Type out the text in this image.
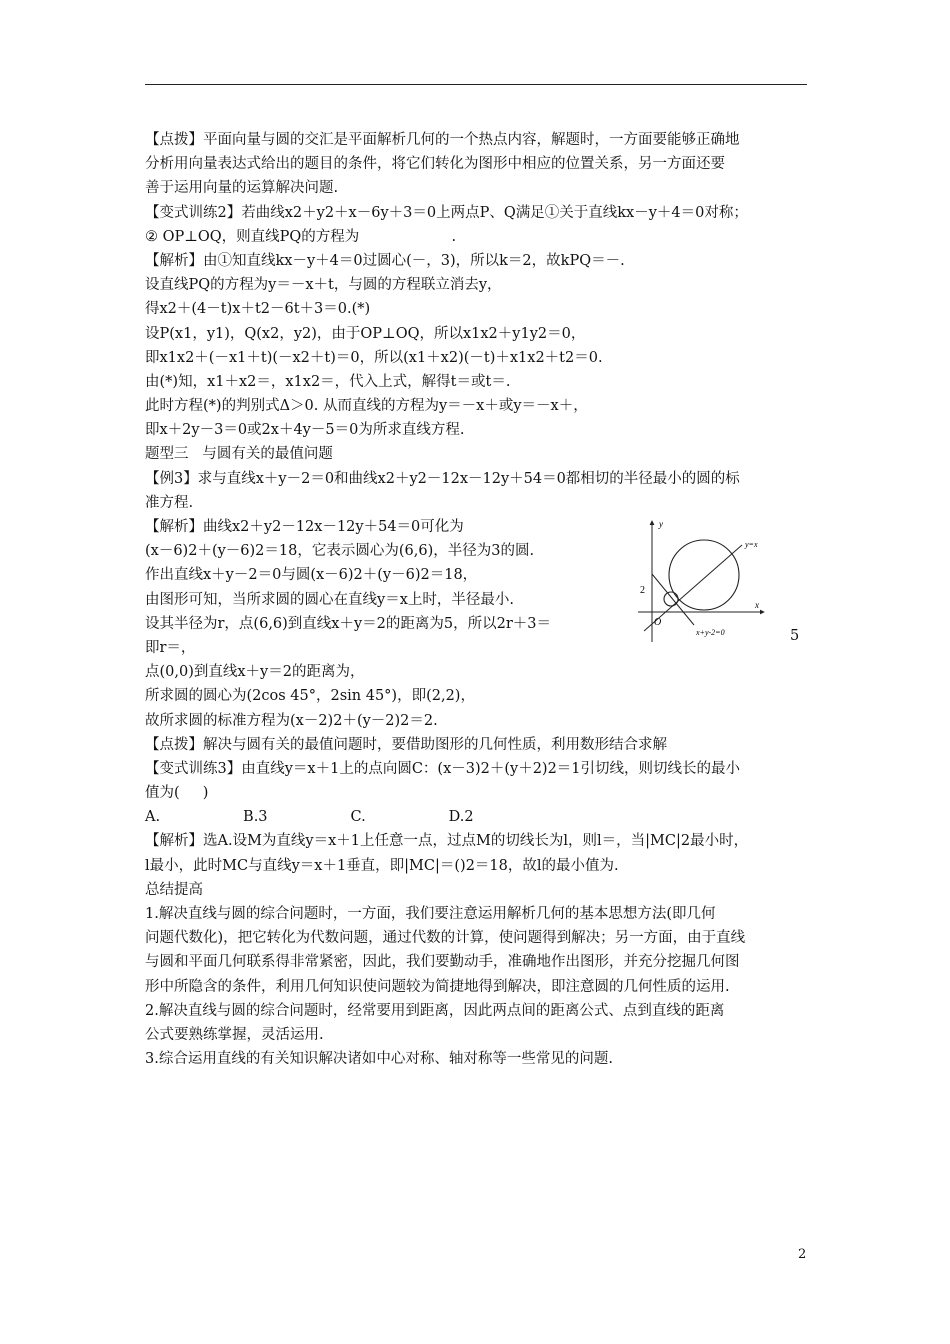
【点拨】平面向量与圆的交汇是平面解析几何的一个热点内容，解题时，一方面要能够正确地
分析用向量表达式给出的题目的条件，将它们转化为图形中相应的位置关系，另一方面还要
善于运用向量的运算解决问题.
【变式训练2】若曲线x2＋y2＋x－6y＋3＝0上两点P、Q满足①关于直线kx－y＋4＝0对称；
② OP⊥OQ，则直线PQ的方程为                    .
【解析】由①知直线kx－y＋4＝0过圆心(－，3)，所以k＝2，故kPQ＝－.
设直线PQ的方程为y＝－x＋t，与圆的方程联立消去y，
得x2＋(4－t)x＋t2－6t＋3＝0.(*)
设P(x1，y1)，Q(x2，y2)，由于OP⊥OQ，所以x1x2＋y1y2＝0，
即x1x2＋(－x1＋t)(－x2＋t)＝0，所以(x1＋x2)(－t)＋x1x2＋t2＝0.
由(*)知，x1＋x2＝，x1x2＝，代入上式，解得t＝或t＝.
此时方程(*)的判别式Δ＞0. 从而直线的方程为y＝－x＋或y＝－x＋，
即x＋2y－3＝0或2x＋4y－5＝0为所求直线方程.
题型三   与圆有关的最值问题
【例3】求与直线x＋y－2＝0和曲线x2＋y2－12x－12y＋54＝0都相切的半径最小的圆的标
准方程.
【解析】曲线x2＋y2－12x－12y＋54＝0可化为
(x－6)2＋(y－6)2＝18，它表示圆心为(6,6)，半径为3的圆.
作出直线x＋y－2＝0与圆(x－6)2＋(y－6)2＝18，
由图形可知，当所求圆的圆心在直线y＝x上时，半径最小.
设其半径为r，点(6,6)到直线x＋y＝2的距离为5，所以2r＋3＝
即r＝，
点(0,0)到直线x＋y＝2的距离为，
所求圆的圆心为(2cos 45°，2sin 45°)，即(2,2)，
故所求圆的标准方程为(x－2)2＋(y－2)2＝2.
【点拨】解决与圆有关的最值问题时，要借助图形的几何性质，利用数形结合求解
【变式训练3】由直线y＝x＋1上的点向圆C：(x－3)2＋(y＋2)2＝1引切线，则切线长的最小
值为(     )
A.                  B.3                  C.                  D.2
【解析】选A.设M为直线y＝x＋1上任意一点，过点M的切线长为l，则l＝，当|MC|2最小时，
l最小，此时MC与直线y＝x＋1垂直，即|MC|＝()2＝18，故l的最小值为.
总结提高
1.解决直线与圆的综合问题时，一方面，我们要注意运用解析几何的基本思想方法(即几何
问题代数化)，把它转化为代数问题，通过代数的计算，使问题得到解决；另一方面，由于直线
与圆和平面几何联系得非常紧密，因此，我们要勤动手，准确地作出图形，并充分挖掘几何图
形中所隐含的条件，利用几何知识使问题较为简捷地得到解决，即注意圆的几何性质的运用.
2.解决直线与圆的综合问题时，经常要用到距离，因此两点间的距离公式、点到直线的距离
公式要熟练掌握，灵活运用.
3.综合运用直线的有关知识解决诸如中心对称、轴对称等一些常见的问题.
5
y
x
y=x
2
O
x+y-2=0
2
